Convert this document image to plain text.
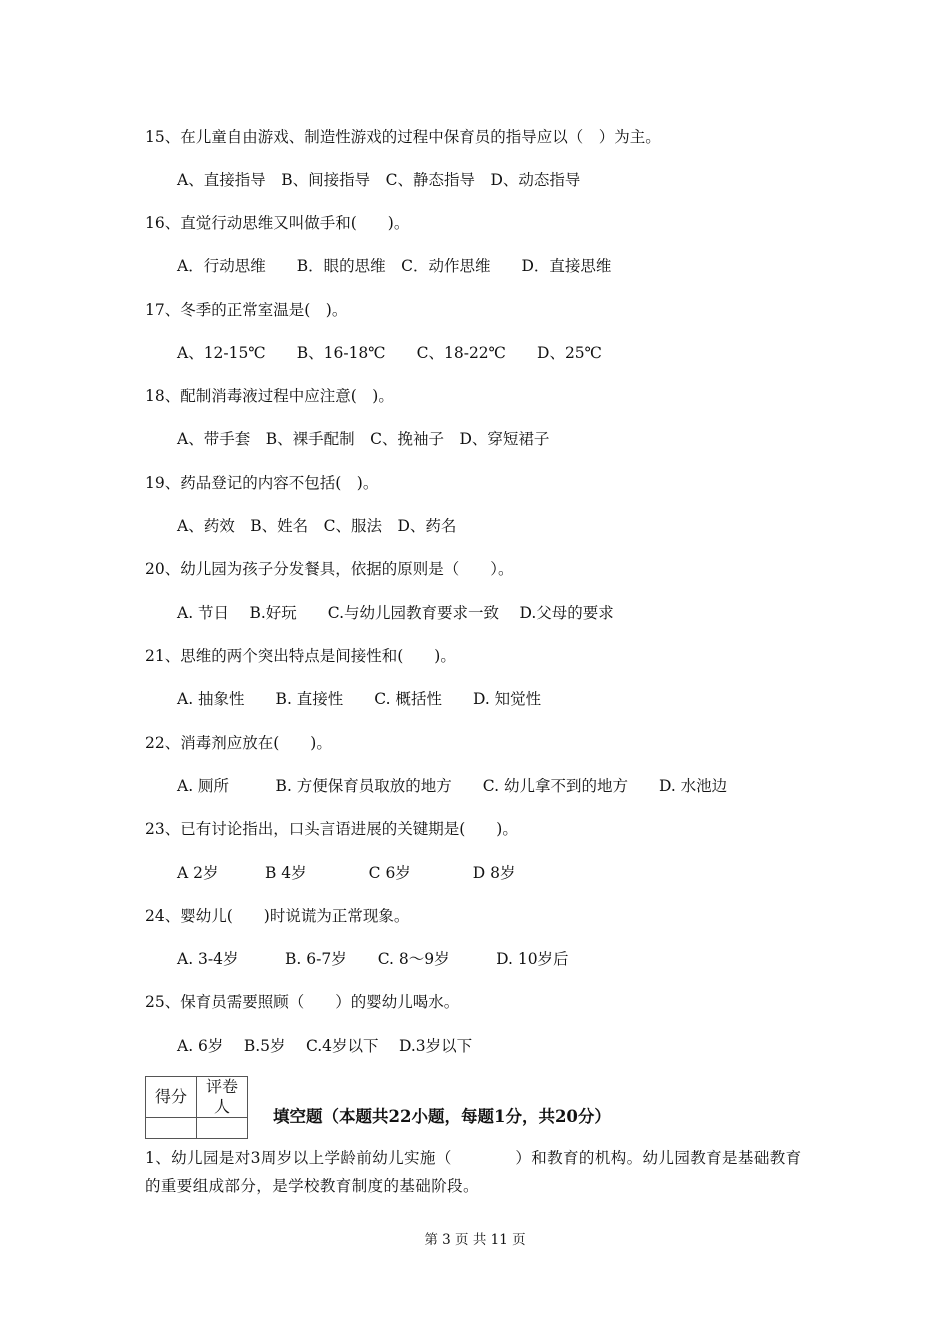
15、在儿童自由游戏、制造性游戏的过程中保育员的指导应以（　）为主。
A、直接指导　B、间接指导　C、静态指导　D、动态指导
16、直觉行动思维又叫做手和(　　)。
A．行动思维　　B．眼的思维　C．动作思维　　D．直接思维
17、冬季的正常室温是(　)。
A、12-15℃　　B、16-18℃　　C、18-22℃　　D、25℃
18、配制消毒液过程中应注意(　)。
A、带手套　B、裸手配制　C、挽袖子　D、穿短裙子
19、药品登记的内容不包括(　)。
A、药效　B、姓名　C、服法　D、药名
20、幼儿园为孩子分发餐具，依据的原则是（　　）。
A. 节日　 B.好玩　　C.与幼儿园教育要求一致　 D.父母的要求
21、思维的两个突出特点是间接性和(　　)。
A. 抽象性　　B. 直接性　　C. 概括性　　D. 知觉性
22、消毒剂应放在(　　)。
A. 厕所　　　B. 方便保育员取放的地方　　C. 幼儿拿不到的地方　　D. 水池边
23、已有讨论指出，口头言语进展的关键期是(　　)。
A 2岁　　　B 4岁　　　　C 6岁　　　　D 8岁
24、婴幼儿(　　)时说谎为正常现象。
A. 3-4岁　　　B. 6-7岁　　C. 8～9岁　　　D. 10岁后
25、保育员需要照顾（　　）的婴幼儿喝水。
A. 6岁　 B.5岁　 C.4岁以下　 D.3岁以下
得分	评卷人

填空题（本题共22小题，每题1分，共20分）
1、幼儿园是对3周岁以上学龄前幼儿实施（　　　　）和教育的机构。幼儿园教育是基础教育的重要组成部分，是学校教育制度的基础阶段。
第 3 页 共 11 页
